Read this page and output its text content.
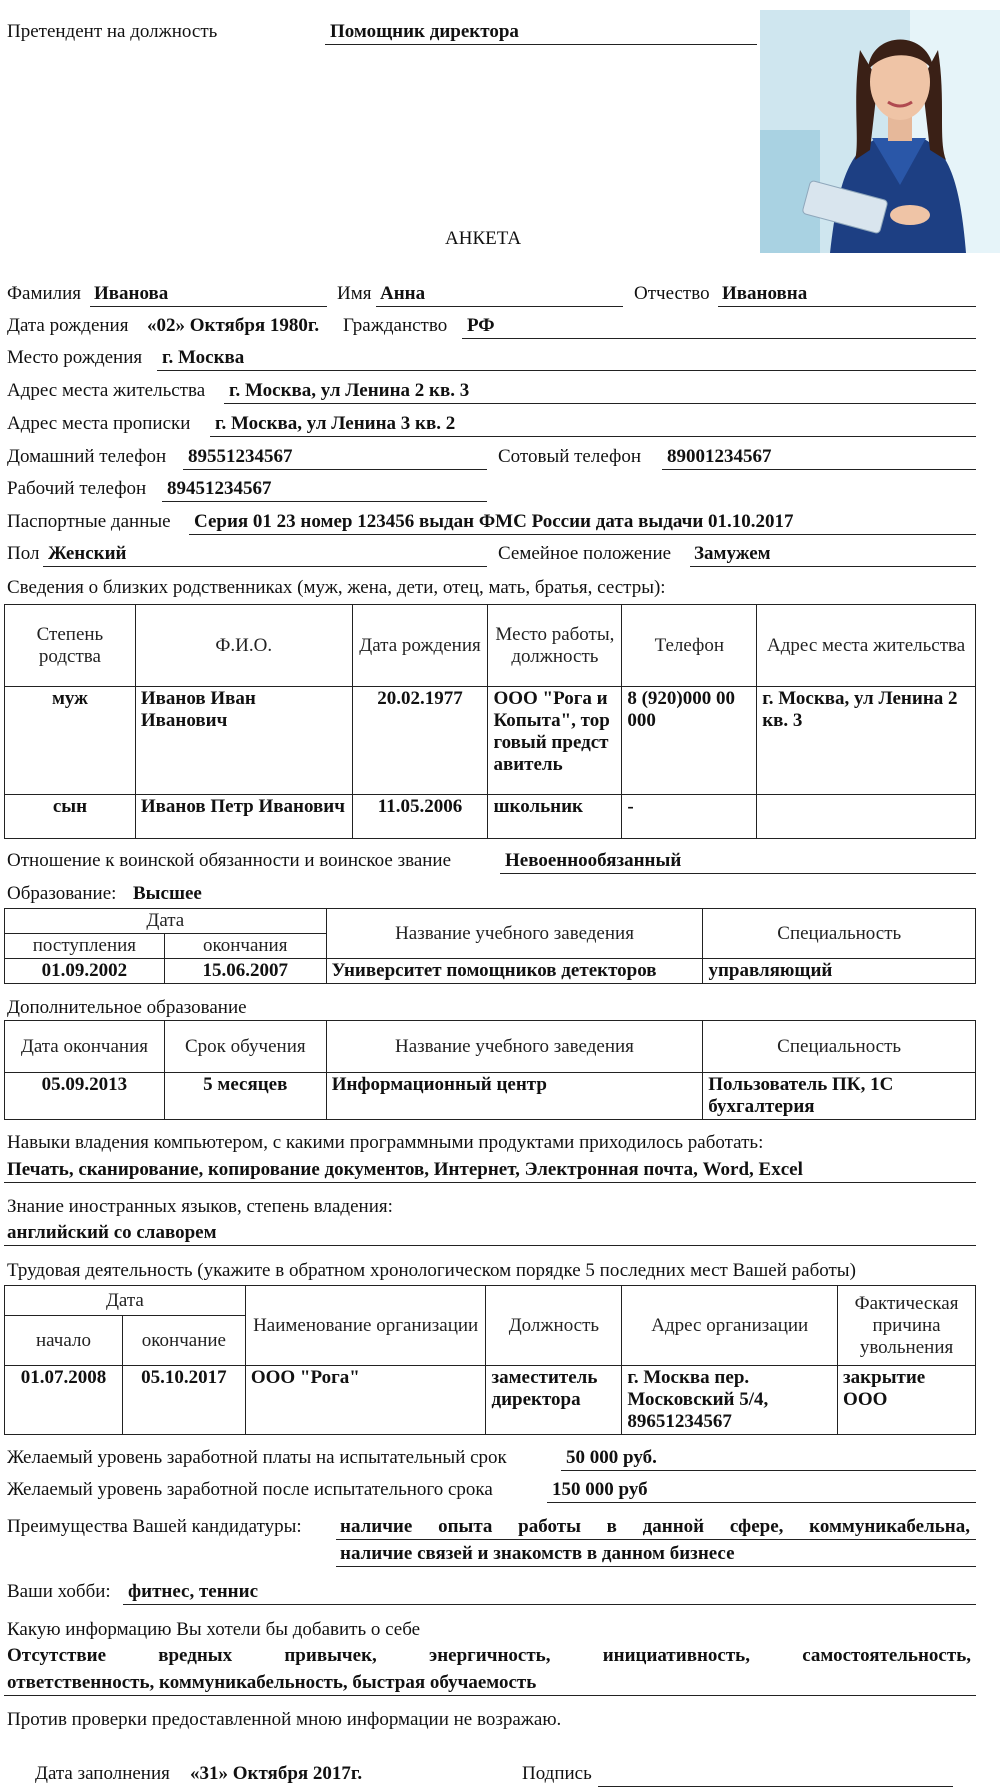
Претендент на должность	Помощник директора
АНКЕТА
Фамилия Иванова	Имя Анна	Отчество Ивановна
Дата рождения «02» Октября 1980г. Гражданство РФ
Место рождения г. Москва
Адрес места жительства г. Москва, ул Ленина 2 кв. 3
Адрес места прописки г. Москва, ул Ленина 3 кв. 2
Домашний телефон 89551234567	Сотовый телефон 89001234567
Рабочий телефон 89451234567
Паспортные данные Серия 01 23 номер 123456 выдан ФМС России дата выдачи 01.10.2017
Пол Женский	Семейное положение Замужем
Сведения о близких родственниках (муж, жена, дети, отец, мать, братья, сестры):
Степень родства	Ф.И.О.	Дата рождения	Место работы, должность	Телефон	Адрес места жительства
муж	Иванов Иван Иванович	20.02.1977	ООО "Рога и Копыта", торговый представитель	8 (920)000 00 000	г. Москва, ул Ленина 2 кв. 3
сын	Иванов Петр Иванович	11.05.2006	школьник	-	
Отношение к воинской обязанности и воинское звание	Невоеннообязанный
Образование: Высшее
Дата		Название учебного заведения	Специальность
поступления	окончания		
01.09.2002	15.06.2007	Университет помощников детекторов	управляющий
Дополнительное образование
Дата окончания	Срок обучения	Название учебного заведения	Специальность
05.09.2013	5 месяцев	Информационный центр	Пользователь ПК, 1С бухгалтерия
Навыки владения компьютером, с какими программными продуктами приходилось работать:
Печать, сканирование, копирование документов, Интернет, Электронная почта, Word, Excel
Знание иностранных языков, степень владения:
английский со славорем
Трудовая деятельность (укажите в обратном хронологическом порядке 5 последних мест Вашей работы)
Дата		Наименование организации	Должность	Адрес организации	Фактическая причина увольнения
начало	окончание				
01.07.2008	05.10.2017	ООО "Рога"	заместитель директора	г. Москва пер. Московский 5/4, 89651234567	закрытие ООО
Желаемый уровень заработной платы на испытательный срок	50 000 руб.
Желаемый уровень заработной после испытательного срока	150 000 руб
Преимущества Вашей кандидатуры: наличие опыта работы в данной сфере, коммуникабельна,
наличие связей и знакомств в данном бизнесе
Ваши хобби: фитнес, теннис
Какую информацию Вы хотели бы добавить о себе
Отсутствие вредных привычек, энергичность, инициативность, самостоятельность,
ответственность, коммуникабельность, быстрая обучаемость
Против проверки предоставленной мною информации не возражаю.
Дата заполнения «31» Октября 2017г.	Подпись
